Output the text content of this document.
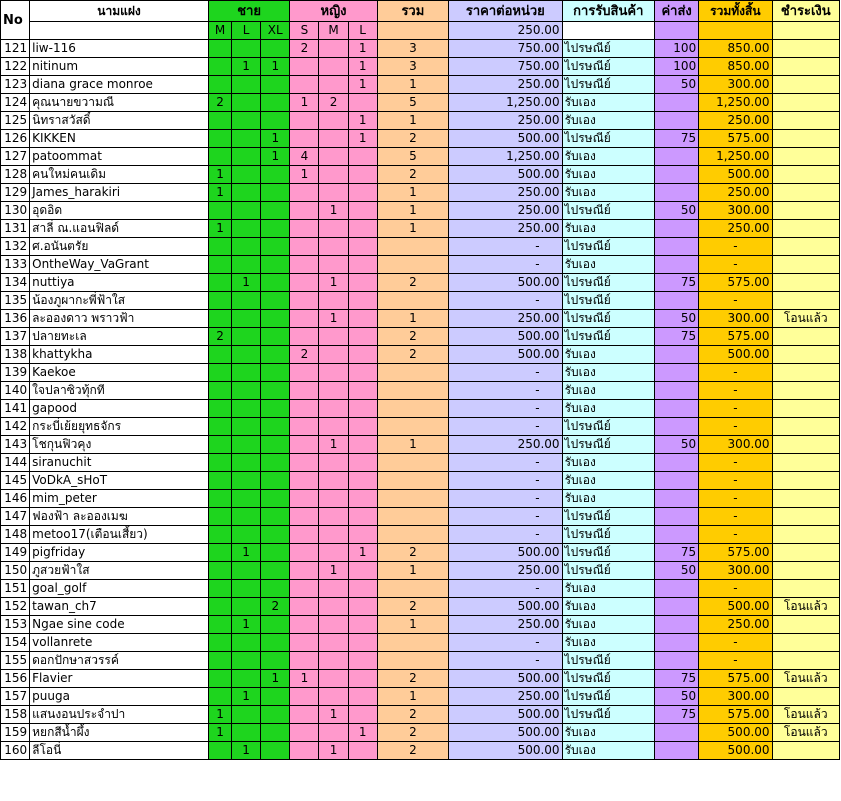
No	นามแฝง	ชาย			หญิง			รวม	ราคาต่อหน่วย	การรับสินค้า	ค่าส่ง	รวมทั้งสิ้น	ชำระเงิน
		M	L	XL	S	M	L		250.00				
121	liw-116				2		1	3	750.00	ไปรษณีย์	100	850.00	
122	nitinum		1	1			1	3	750.00	ไปรษณีย์	100	850.00	
123	diana grace monroe						1	1	250.00	ไปรษณีย์	50	300.00	
124	คุณนายขวามณี	2			1	2		5	1,250.00	รับเอง		1,250.00	
125	นิทราสวัสดิ์						1	1	250.00	รับเอง		250.00	
126	KIKKEN			1			1	2	500.00	ไปรษณีย์	75	575.00	
127	patoommat			1	4			5	1,250.00	รับเอง		1,250.00	
128	คนใหม่คนเดิม	1			1			2	500.00	รับเอง		500.00	
129	James_harakiri	1						1	250.00	รับเอง		250.00	
130	อุดอิด					1		1	250.00	ไปรษณีย์	50	300.00	
131	สาลี่ ณ.แอนฟิลด์	1						1	250.00	รับเอง		250.00	
132	ศ.อนันตรัย								-	ไปรษณีย์		-	
133	OntheWay_VaGrant								-	รับเอง		-	
134	nuttiya		1			1		2	500.00	ไปรษณีย์	75	575.00	
135	น้องภูผากะพี่ฟ้าใส								-	ไปรษณีย์		-	
136	ละอองดาว พราวฟ้า					1		1	250.00	ไปรษณีย์	50	300.00	โอนแล้ว
137	ปลายทะเล	2						2	500.00	ไปรษณีย์	75	575.00	
138	khattykha				2			2	500.00	รับเอง		500.00	
139	Kaekoe								-	รับเอง		-	
140	ใจปลาซิวทุ้กที								-	รับเอง		-	
141	gapood								-	รับเอง		-	
142	กระบี่เย้ยยุทธจักร								-	ไปรษณีย์		-	
143	โชกุนฟิวคุง					1		1	250.00	ไปรษณีย์	50	300.00	
144	siranuchit								-	รับเอง		-	
145	VoDkA_sHoT								-	รับเอง		-	
146	mim_peter								-	รับเอง		-	
147	ฟองฟ้า ละอองเมฆ								-	ไปรษณีย์		-	
148	metoo17(เตือนเสี้ยว)								-	ไปรษณีย์		-	
149	pigfriday		1				1	2	500.00	ไปรษณีย์	75	575.00	
150	ภูสวยฟ้าใส					1		1	250.00	ไปรษณีย์	50	300.00	
151	goal_golf								-	รับเอง		-	
152	tawan_ch7			2				2	500.00	รับเอง		500.00	โอนแล้ว
153	Ngae sine code		1					1	250.00	รับเอง		250.00	
154	vollanrete								-	รับเอง		-	
155	ดอกปักษาสวรรค์								-	ไปรษณีย์		-	
156	Flavier			1	1			2	500.00	ไปรษณีย์	75	575.00	โอนแล้ว
157	puuga		1					1	250.00	ไปรษณีย์	50	300.00	
158	แสนงอนประจำปา	1				1		2	500.00	ไปรษณีย์	75	575.00	โอนแล้ว
159	หยกสีน้ำผึ้ง	1					1	2	500.00	รับเอง		500.00	โอนแล้ว
160	ลีโอนี่		1			1		2	500.00	รับเอง		500.00	
